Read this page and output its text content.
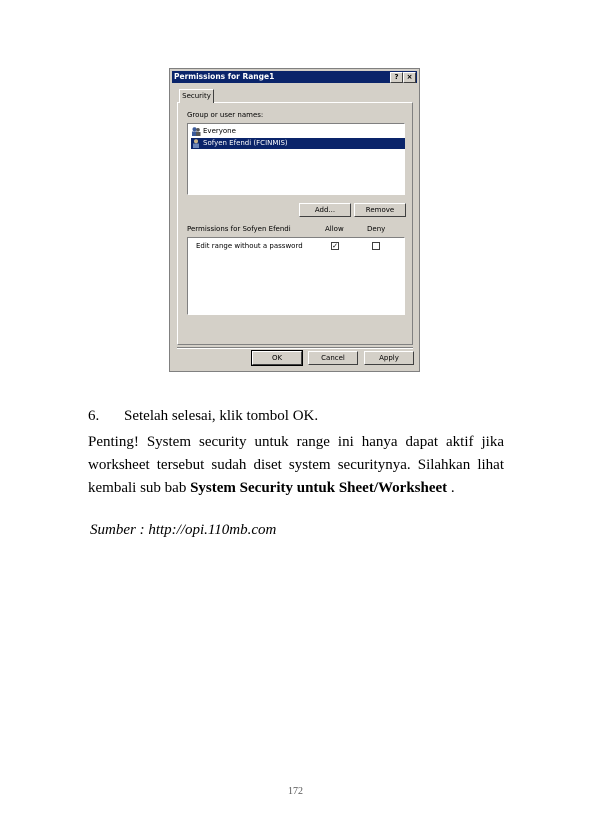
Permissions for Range1	?	×
Security
Group or user names:
Everyone
Sofyen Efendi (FCINMIS)
Add...	Remove
Permissions for Sofyen Efendi	Allow	Deny
Edit range without a password	✓
OK	Cancel	Apply
6. Setelah selesai, klik tombol OK.
Penting! System security untuk range ini hanya dapat aktif jika worksheet tersebut sudah diset system securitynya. Silahkan lihat kembali sub bab System Security untuk Sheet/Worksheet .
Sumber : http://opi.110mb.com
172
